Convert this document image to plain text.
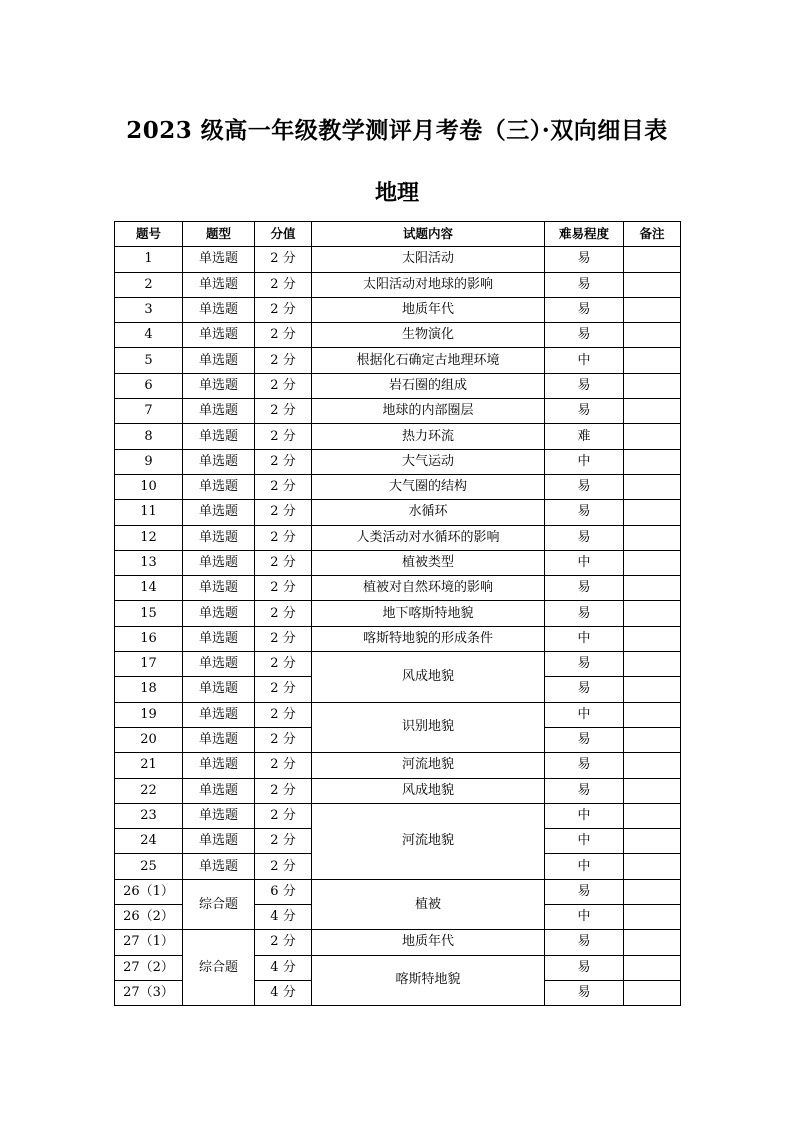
2023 级高一年级教学测评月考卷（三）·双向细目表
地理
题号	题型	分值	试题内容	难易程度	备注
1	单选题	2 分	太阳活动	易	
2	单选题	2 分	太阳活动对地球的影响	易	
3	单选题	2 分	地质年代	易	
4	单选题	2 分	生物演化	易	
5	单选题	2 分	根据化石确定古地理环境	中	
6	单选题	2 分	岩石圈的组成	易	
7	单选题	2 分	地球的内部圈层	易	
8	单选题	2 分	热力环流	难	
9	单选题	2 分	大气运动	中	
10	单选题	2 分	大气圈的结构	易	
11	单选题	2 分	水循环	易	
12	单选题	2 分	人类活动对水循环的影响	易	
13	单选题	2 分	植被类型	中	
14	单选题	2 分	植被对自然环境的影响	易	
15	单选题	2 分	地下喀斯特地貌	易	
16	单选题	2 分	喀斯特地貌的形成条件	中	
17	单选题	2 分	风成地貌	易	
18	单选题	2 分		易	
19	单选题	2 分	识别地貌	中	
20	单选题	2 分		易	
21	单选题	2 分	河流地貌	易	
22	单选题	2 分	风成地貌	易	
23	单选题	2 分	河流地貌	中	
24	单选题	2 分		中	
25	单选题	2 分		中	
26（1）	综合题	6 分	植被	易	
26（2）		4 分		中	
27（1）	综合题	2 分	地质年代	易	
27（2）		4 分	喀斯特地貌	易	
27（3）		4 分		易	
